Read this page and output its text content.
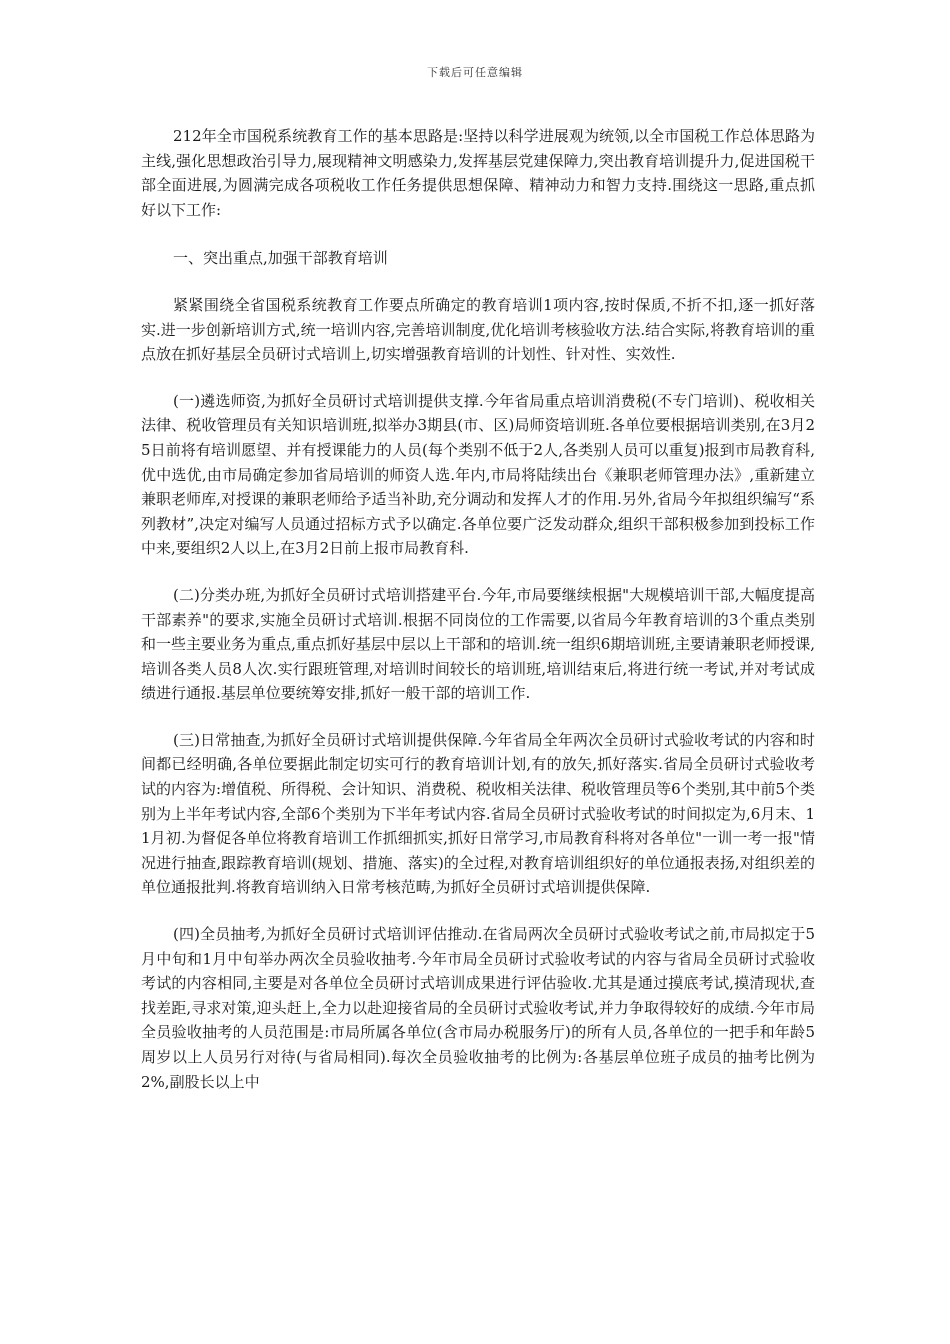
下载后可任意编辑

212年全市国税系统教育工作的基本思路是:坚持以科学进展观为统领,以全市国税工作总体思路为主线,强化思想政治引导力,展现精神文明感染力,发挥基层党建保障力,突出教育培训提升力,促进国税干部全面进展,为圆满完成各项税收工作任务提供思想保障、精神动力和智力支持.围绕这一思路,重点抓好以下工作:

一、突出重点,加强干部教育培训

紧紧围绕全省国税系统教育工作要点所确定的教育培训1项内容,按时保质,不折不扣,逐一抓好落实.进一步创新培训方式,统一培训内容,完善培训制度,优化培训考核验收方法.结合实际,将教育培训的重点放在抓好基层全员研讨式培训上,切实增强教育培训的计划性、针对性、实效性.

(一)遴选师资,为抓好全员研讨式培训提供支撑.今年省局重点培训消费税(不专门培训)、税收相关法律、税收管理员有关知识培训班,拟举办3期县(市、区)局师资培训班.各单位要根据培训类别,在3月25日前将有培训愿望、并有授课能力的人员(每个类别不低于2人,各类别人员可以重复)报到市局教育科,优中选优,由市局确定参加省局培训的师资人选.年内,市局将陆续出台《兼职老师管理办法》,重新建立兼职老师库,对授课的兼职老师给予适当补助,充分调动和发挥人才的作用.另外,省局今年拟组织编写“系列教材”,决定对编写人员通过招标方式予以确定.各单位要广泛发动群众,组织干部积极参加到投标工作中来,要组织2人以上,在3月2日前上报市局教育科.

(二)分类办班,为抓好全员研讨式培训搭建平台.今年,市局要继续根据"大规模培训干部,大幅度提高干部素养"的要求,实施全员研讨式培训.根据不同岗位的工作需要,以省局今年教育培训的3个重点类别和一些主要业务为重点,重点抓好基层中层以上干部和的培训.统一组织6期培训班,主要请兼职老师授课,培训各类人员8人次.实行跟班管理,对培训时间较长的培训班,培训结束后,将进行统一考试,并对考试成绩进行通报.基层单位要统筹安排,抓好一般干部的培训工作.

(三)日常抽查,为抓好全员研讨式培训提供保障.今年省局全年两次全员研讨式验收考试的内容和时间都已经明确,各单位要据此制定切实可行的教育培训计划,有的放矢,抓好落实.省局全员研讨式验收考试的内容为:增值税、所得税、会计知识、消费税、税收相关法律、税收管理员等6个类别,其中前5个类别为上半年考试内容,全部6个类别为下半年考试内容.省局全员研讨式验收考试的时间拟定为,6月末、11月初.为督促各单位将教育培训工作抓细抓实,抓好日常学习,市局教育科将对各单位"一训一考一报"情况进行抽查,跟踪教育培训(规划、措施、落实)的全过程,对教育培训组织好的单位通报表扬,对组织差的单位通报批判.将教育培训纳入日常考核范畴,为抓好全员研讨式培训提供保障.

(四)全员抽考,为抓好全员研讨式培训评估推动.在省局两次全员研讨式验收考试之前,市局拟定于5月中旬和1月中旬举办两次全员验收抽考.今年市局全员研讨式验收考试的内容与省局全员研讨式验收考试的内容相同,主要是对各单位全员研讨式培训成果进行评估验收.尤其是通过摸底考试,摸清现状,查找差距,寻求对策,迎头赶上,全力以赴迎接省局的全员研讨式验收考试,并力争取得较好的成绩.今年市局全员验收抽考的人员范围是:市局所属各单位(含市局办税服务厅)的所有人员,各单位的一把手和年龄5周岁以上人员另行对待(与省局相同).每次全员验收抽考的比例为:各基层单位班子成员的抽考比例为2%,副股长以上中
